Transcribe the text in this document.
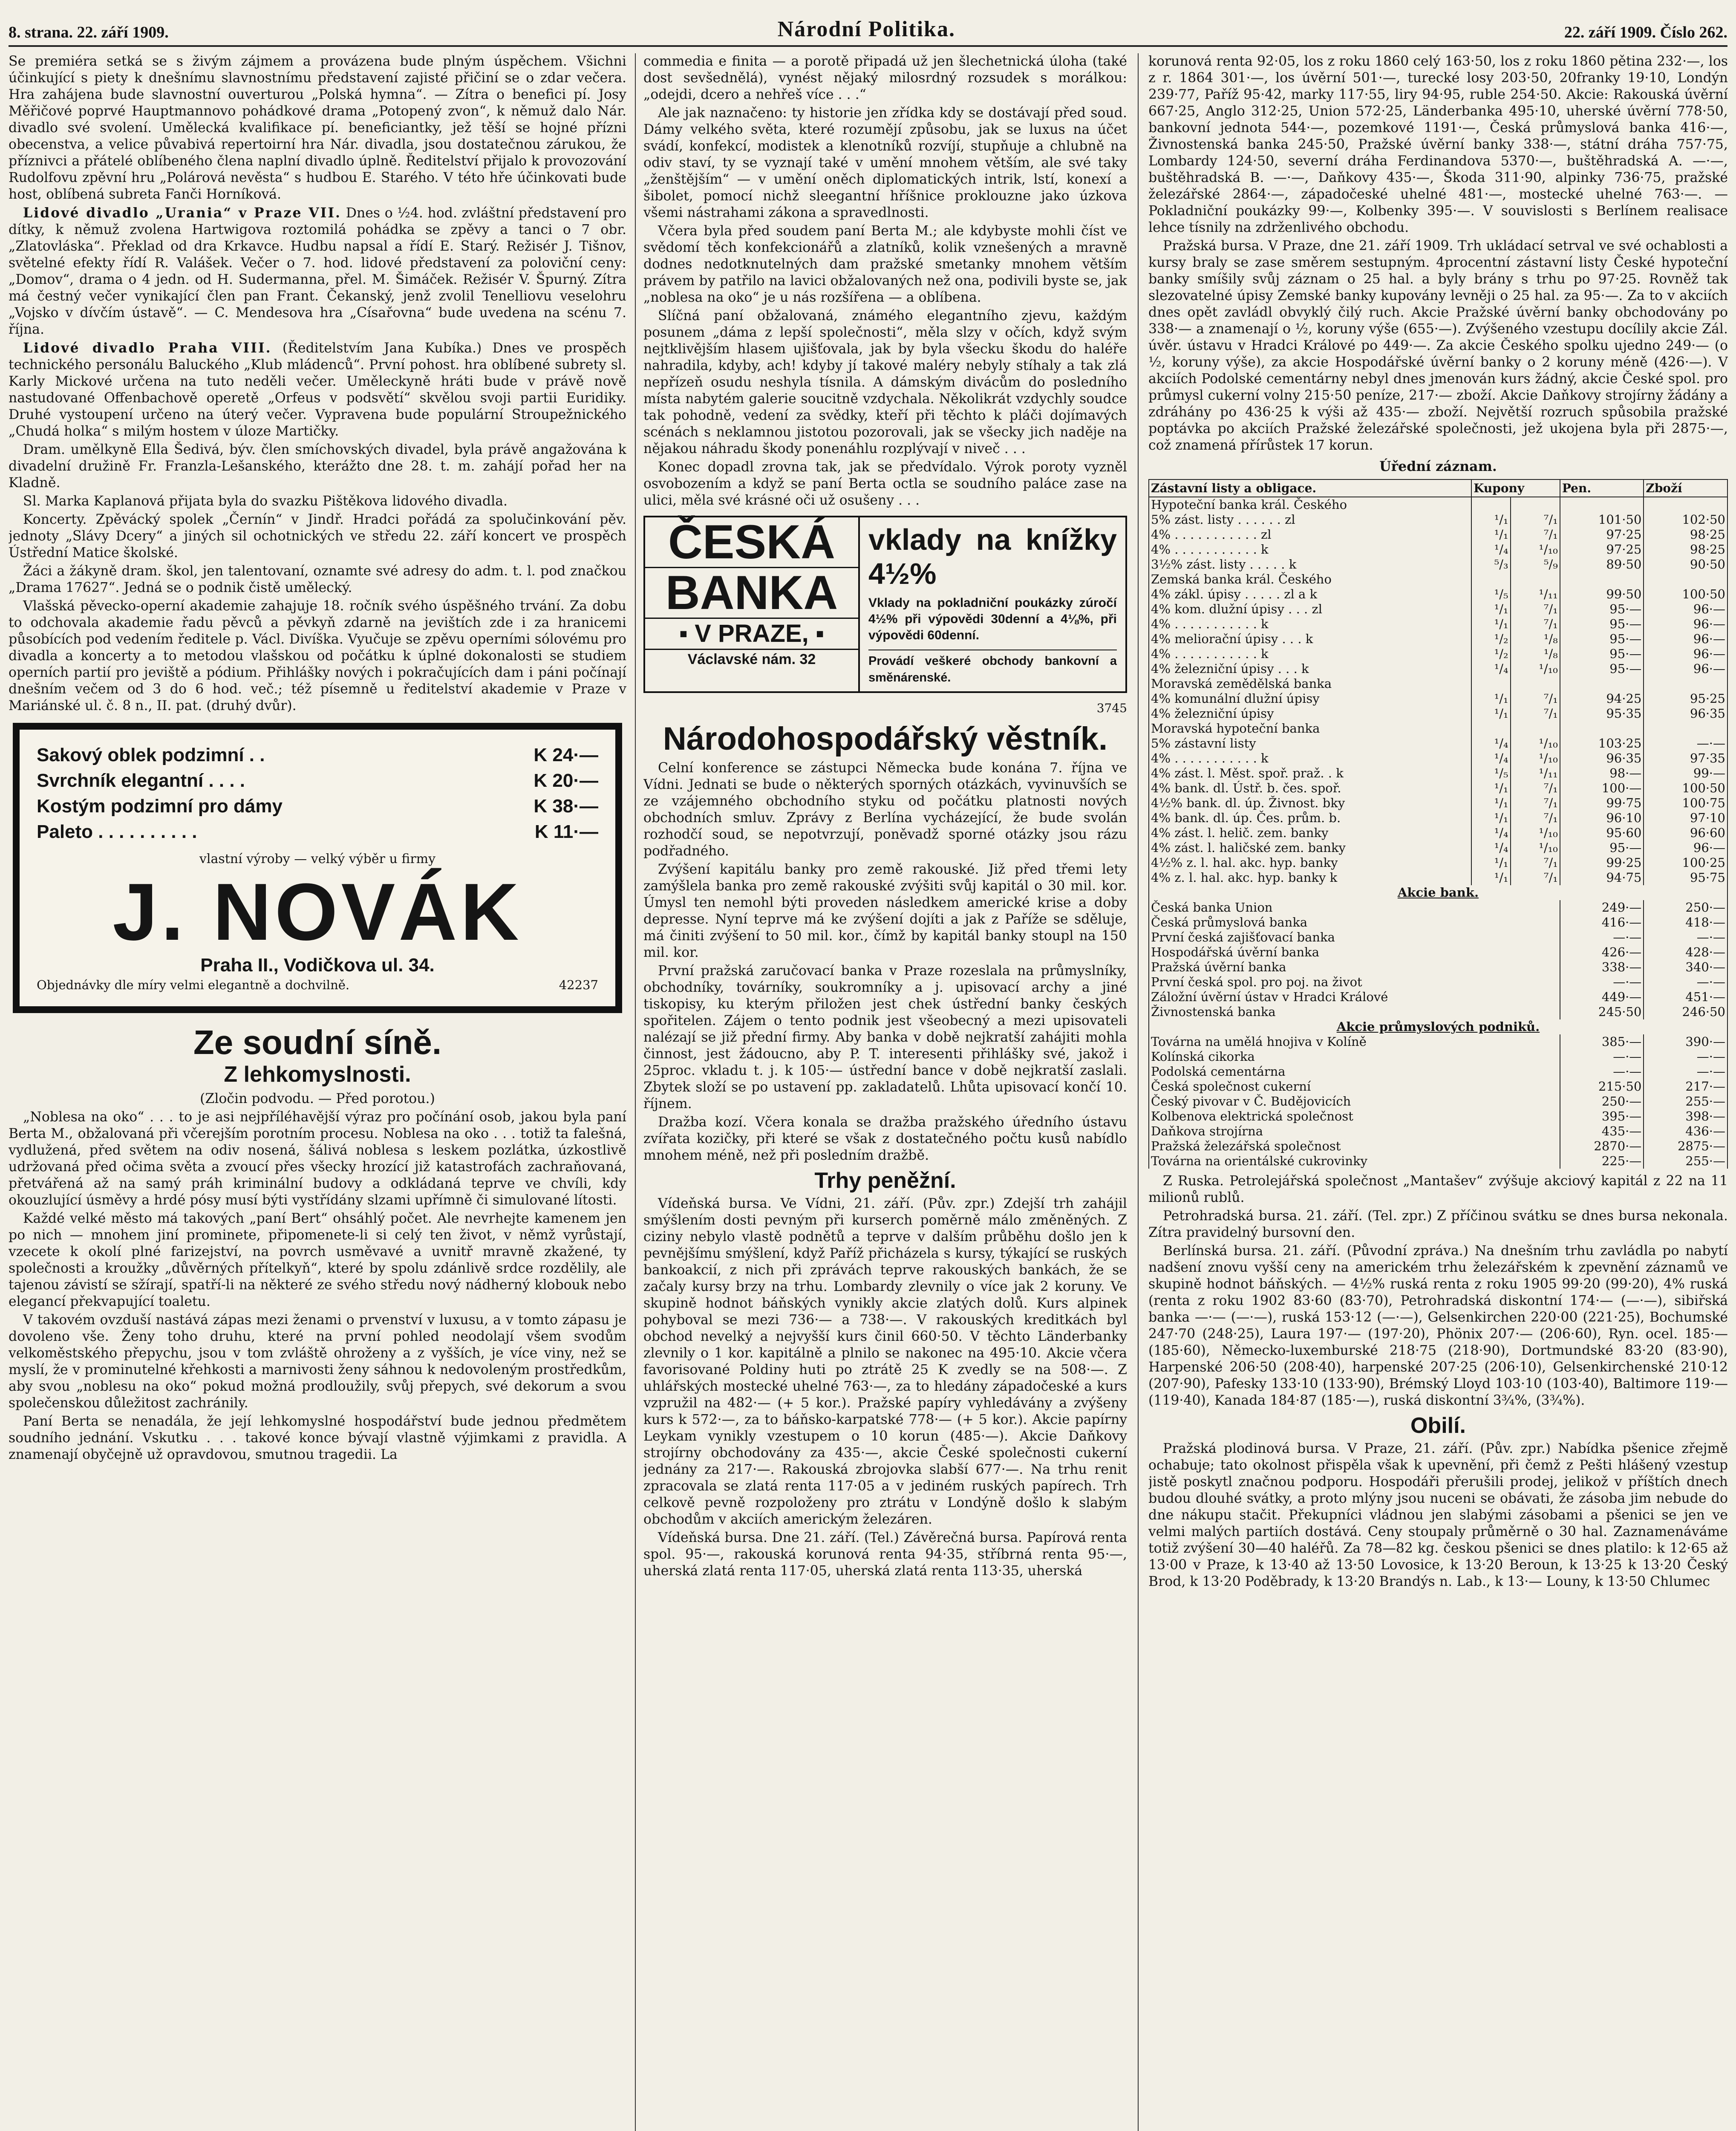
8. strana. 22. září 1909.	Národní Politika.	22. září 1909. Číslo 262.

Se premiéra setká se s živým zájmem a provázena bude plným úspěchem. Všichni účinkující s piety k dnešnímu slavnostnímu představení zajisté přičiní se o zdar večera. Hra zahájena bude slavnostní ouverturou „Polská hymna“. — Zítra o benefici pí. Josy Měřičové poprvé Hauptmannovo pohádkové drama „Potopený zvon“, k němuž dalo Nár. divadlo své svolení. Umělecká kvalifikace pí. beneficiantky, jež těší se hojné přízni obecenstva, a velice půvabivá repertoirní hra Nár. divadla, jsou dostatečnou zárukou, že příznivci a přátelé oblíbeného člena naplní divadlo úplně. Ředitelství přijalo k provozování Rudolfovu zpěvní hru „Polárová nevěsta“ s hudbou E. Starého. V této hře účinkovati bude host, oblíbená subreta Fanči Horníková.

Lidové divadlo „Urania“ v Praze VII. Dnes o ½4. hod. zvláštní představení pro dítky, k němuž zvolena Hartwigova roztomilá pohádka se zpěvy a tanci o 7 obr. „Zlatovláska“. Překlad od dra Krkavce. Hudbu napsal a řídí E. Starý. Režisér J. Tišnov, světelné efekty řídí R. Valášek. Večer o 7. hod. lidové představení za poloviční ceny: „Domov“, drama o 4 jedn. od H. Sudermanna, přel. M. Šimáček. Režisér V. Špurný. Zítra má čestný večer vynikající člen pan Frant. Čekanský, jenž zvolil Tenelliovu veselohru „Vojsko v dívčím ústavě“. — C. Mendesova hra „Císařovna“ bude uvedena na scénu 7. října.

Lidové divadlo Praha VIII. (Ředitelstvím Jana Kubíka.) Dnes ve prospěch technického personálu Baluckého „Klub mládenců“. První pohost. hra oblíbené subrety sl. Karly Mickové určena na tuto neděli večer. Uměleckyně hráti bude v právě nově nastudované Offenbachově operetě „Orfeus v podsvětí“ skvělou svoji partii Euridiky. Druhé vystoupení určeno na úterý večer. Vypravena bude populární Stroupežnického „Chudá holka“ s milým hostem v úloze Martičky.

Dram. umělkyně Ella Šedivá, býv. člen smíchovských divadel, byla právě angažována k divadelní družině Fr. Franzla-Lešanského, kterážto dne 28. t. m. zahájí pořad her na Kladně.

Sl. Marka Kaplanová přijata byla do svazku Pištěkova lidového divadla.

Koncerty. Zpěvácký spolek „Černín“ v Jindř. Hradci pořádá za spolučinkování pěv. jednoty „Slávy Dcery“ a jiných sil ochotnických ve středu 22. září koncert ve prospěch Ústřední Matice školské.

Žáci a žákyně dram. škol, jen talentovaní, oznamte své adresy do adm. t. l. pod značkou „Drama 17627“. Jedná se o podnik čistě umělecký.

Vlašská pěvecko-operní akademie zahajuje 18. ročník svého úspěšného trvání. Za dobu to odchovala akademie řadu pěvců a pěvkyň zdarně na jevištích zde i za hranicemi působících pod vedením ředitele p. Václ. Divíška. Vyučuje se zpěvu operními sólovému pro divadla a koncerty a to metodou vlašskou od počátku k úplné dokonalosti se studiem operních partií pro jeviště a pódium. Přihlášky nových i pokračujících dam i páni počínají dnešním večem od 3 do 6 hod. več.; též písemně u ředitelství akademie v Praze v Mariánské ul. č. 8 n., II. pat. (druhý dvůr).

Sakový oblek podzimní . .	K 24·—
Svrchník elegantní . . . .	K 20·—
Kostým podzimní pro dámy	K 38·—
Paleto . . . . . . . . . .	K 11·—
vlastní výroby — velký výběr u firmy
J. NOVÁK
Praha II., Vodičkova ul. 34.
Objednávky dle míry velmi elegantně a dochvilně.	42237
Ze soudní síně.
Z lehkomyslnosti.

(Zločin podvodu. — Před porotou.)

„Noblesa na oko“ . . . to je asi nejpříléhavější výraz pro počínání osob, jakou byla paní Berta M., obžalovaná při včerejším porotním procesu. Noblesa na oko . . . totiž ta falešná, vydlužená, před světem na odiv nosená, šálivá noblesa s leskem pozlátka, úzkostlivě udržovaná před očima světa a zvoucí přes všecky hrozící již katastrofách zachraňovaná, přetvářená až na samý práh kriminální budovy a odkládaná teprve ve chvíli, kdy okouzlující úsměvy a hrdé pósy musí býti vystřídány slzami upřímně či simulované lítosti.

Každé velké město má takových „paní Bert“ ohsáhlý počet. Ale nevrhejte kamenem jen po nich — mnohem jiní prominete, připomenete-li si celý ten život, v němž vyrůstají, vzecete k okolí plné farizejství, na povrch usměvavé a uvnitř mravně zkažené, ty společnosti a kroužky „důvěrných přítelkyň“, které by spolu zdánlivě srdce rozdělily, ale tajenou závistí se sžírají, spatří-li na některé ze svého středu nový nádherný klobouk nebo elegancí překvapující toaletu.

V takovém ovzduší nastává zápas mezi ženami o prvenství v luxusu, a v tomto zápasu je dovoleno vše. Ženy toho druhu, které na první pohled neodolají všem svodům velkoměstského přepychu, jsou v tom zvláště ohroženy a z vyšších, je více viny, než se myslí, že v prominutelné křehkosti a marnivosti ženy sáhnou k nedovoleným prostředkům, aby svou „noblesu na oko“ pokud možná prodloužily, svůj přepych, své dekorum a svou společenskou důležitost zachránily.

Paní Berta se nenadála, že její lehkomyslné hospodářství bude jednou předmětem soudního jednání. Vskutku . . . takové konce bývají vlastně výjimkami z pravidla. A znamenají obyčejně už opravdovou, smutnou tragedii. La

commedia e finita — a porotě připadá už jen šlechetnická úloha (také dost sevšednělá), vynést nějaký milosrdný rozsudek s morálkou: „odejdi, dcero a nehřeš více . . .“

Ale jak naznačeno: ty historie jen zřídka kdy se dostávají před soud. Dámy velkého světa, které rozumějí způsobu, jak se luxus na účet svádí, konfekcí, modistek a klenotníků rozvíjí, stupňuje a chlubně na odiv staví, ty se vyznají také v umění mnohem větším, ale své taky „ženštějším“ — v umění oněch diplomatických intrik, lstí, konexí a šibolet, pomocí nichž sleegantní hříšnice proklouzne jako úzkova všemi nástrahami zákona a spravedlnosti.

Včera byla před soudem paní Berta M.; ale kdybyste mohli číst ve svědomí těch konfekcionářů a zlatníků, kolik vznešených a mravně dodnes nedotknutelných dam pražské smetanky mnohem větším právem by patřilo na lavici obžalovaných než ona, podivili byste se, jak „noblesa na oko“ je u nás rozšířena — a oblíbena.

Slíčná paní obžalovaná, známého elegantního zjevu, každým posunem „dáma z lepší společnosti“, měla slzy v očích, když svým nejtklivějším hlasem ujišťovala, jak by byla všecku škodu do haléře nahradila, kdyby, ach! kdyby jí takové maléry nebyly stíhaly a tak zlá nepřízeň osudu neshyla tísnila. A dámským divácům do posledního místa nabytém galerie soucitně vzdychala. Několikrát vzdychly soudce tak pohodně, vedení za svědky, kteří při těchto k pláči dojímavých scénách s neklamnou jistotou pozorovali, jak se všecky jich naděje na nějakou náhradu škody ponenáhlu rozplývají v niveč . . .

Konec dopadl zrovna tak, jak se předvídalo. Výrok poroty vyzněl osvobozením a když se paní Berta octla se soudního paláce zase na ulici, měla své krásné oči už osušeny . . .

ČESKÁ
BANKA
▪ V PRAZE, ▪
Václavské nám. 32
vklady na knížky 4½%
Vklady na pokladniční poukázky zúročí 4½% při výpovědi 30denní a 4⅛%, při výpovědi 60denní.
Provádí veškeré obchody bankovní a směnárenské.
3745
Národohospodářský věstník.

Celní konference se zástupci Německa bude konána 7. října ve Vídni. Jednati se bude o některých sporných otázkách, vyvinuvších se ze vzájemného obchodního styku od počátku platnosti nových obchodních smluv. Zprávy z Berlína vycházející, že bude svolán rozhodčí soud, se nepotvrzují, poněvadž sporné otázky jsou rázu podřadného.

Zvýšení kapitálu banky pro země rakouské. Již před třemi lety zamýšlela banka pro země rakouské zvýšiti svůj kapitál o 30 mil. kor. Úmysl ten nemohl býti proveden následkem americké krise a doby depresse. Nyní teprve má ke zvýšení dojíti a jak z Paříže se sděluje, má činiti zvýšení to 50 mil. kor., čímž by kapitál banky stoupl na 150 mil. kor.

První pražská zaručovací banka v Praze rozeslala na průmyslníky, obchodníky, továrníky, soukromníky a j. upisovací archy a jiné tiskopisy, ku kterým přiložen jest chek ústřední banky českých spořitelen. Zájem o tento podnik jest všeobecný a mezi upisovateli nalézají se již přední firmy. Aby banka v době nejkratší zahájiti mohla činnost, jest žádoucno, aby P. T. interesenti přihlášky své, jakož i 25proc. vkladu t. j. k 105·— ústřední bance v době nejkratší zaslali. Zbytek složí se po ustavení pp. zakladatelů. Lhůta upisovací končí 10. říjnem.

Dražba kozí. Včera konala se dražba pražského úředního ústavu zvířata kozičky, při které se však z dostatečného počtu kusů nabídlo mnohem méně, než při posledním dražbě.

Trhy peněžní.

Vídeňská bursa. Ve Vídni, 21. září. (Pův. zpr.) Zdejší trh zahájil smýšlením dosti pevným při kurserch poměrně málo změněných. Z ciziny nebylo vlastě podnětů a teprve v dalším průběhu došlo jen k pevnějšímu smýšlení, když Paříž přicházela s kursy, týkající se ruských bankoakcií, z nich při zprávách teprve rakouských bankách, že se začaly kursy brzy na trhu. Lombardy zlevnily o více jak 2 koruny. Ve skupině hodnot báňských vynikly akcie zlatých dolů. Kurs alpinek pohyboval se mezi 736·— a 738·—. V rakouských kreditkách byl obchod nevelký a nejvyšší kurs činil 660·50. V těchto Länderbanky zlevnily o 1 kor. kapitálně a plnilo se nakonec na 495·10. Akcie včera favorisované Poldiny huti po ztrátě 25 K zvedly se na 508·—. Z uhlářských mostecké uhelné 763·—, za to hledány západočeské a kurs vzpružil na 482·— (+ 5 kor.). Pražské papíry vyhledávány a zvýšeny kurs k 572·—, za to báňsko-karpatské 778·— (+ 5 kor.). Akcie papírny Leykam vynikly vzestupem o 10 korun (485·—). Akcie Daňkovy strojírny obchodovány za 435·—, akcie České společnosti cukerní jednány za 217·—. Rakouská zbrojovka slabší 677·—. Na trhu renit zpracovala se zlatá renta 117·05 a v jediném ruských papírech. Trh celkově pevně rozpoloženy pro ztrátu v Londýně došlo k slabým obchodům v akciích americkým železáren.

Vídeňská bursa. Dne 21. září. (Tel.) Závěrečná bursa. Papírová renta spol. 95·—, rakouská korunová renta 94·35, stříbrná renta 95·—, uherská zlatá renta 117·05, uherská zlatá renta 113·35, uherská

korunová renta 92·05, los z roku 1860 celý 163·50, los z roku 1860 pětina 232·—, los z r. 1864 301·—, los úvěrní 501·—, turecké losy 203·50, 20franky 19·10, Londýn 239·77, Paříž 95·42, marky 117·55, liry 94·95, ruble 254·50. Akcie: Rakouská úvěrní 667·25, Anglo 312·25, Union 572·25, Länderbanka 495·10, uherské úvěrní 778·50, bankovní jednota 544·—, pozemkové 1191·—, Česká průmyslová banka 416·—, Živnostenská banka 245·50, Pražské úvěrní banky 338·—, státní dráha 757·75, Lombardy 124·50, severní dráha Ferdinandova 5370·—, buštěhradská A. —·—, buštěhradská B. —·—, Daňkovy 435·—, Škoda 311·90, alpinky 736·75, pražské železářské 2864·—, západočeské uhelné 481·—, mostecké uhelné 763·—. — Pokladniční poukázky 99·—, Kolbenky 395·—. V souvislosti s Berlínem realisace lehce tísnily na zdrženlivého obchodu.

Pražská bursa. V Praze, dne 21. září 1909. Trh ukládací setrval ve své ochablosti a kursy braly se zase směrem sestupným. 4procentní zástavní listy České hypoteční banky smíšily svůj záznam o 25 hal. a byly brány s trhu po 97·25. Rovněž tak slezovatelné úpisy Zemské banky kupovány levněji o 25 hal. za 95·—. Za to v akciích dnes opět zavládl obvyklý čilý ruch. Akcie Pražské úvěrní banky obchodovány po 338·— a znamenají o ½, koruny výše (655·—). Zvýšeného vzestupu docílily akcie Zál. úvěr. ústavu v Hradci Králové po 449·—. Za akcie Českého spolku ujedno 249·— (o ½, koruny výše), za akcie Hospodářské úvěrní banky o 2 koruny méně (426·—). V akciích Podolské cementárny nebyl dnes jmenován kurs žádný, akcie České spol. pro průmysl cukerní volny 215·50 peníze, 217·— zboží. Akcie Daňkovy strojírny žádány a zdráhány po 436·25 k výši až 435·— zboží. Největší rozruch spůsobila pražské poptávka po akciích Pražské železářské společnosti, jež ukojena byla při 2875·—, což znamená přírůstek 17 korun.

Úřední záznam.
Zástavní listy a obligace.	Kupony		Pen.	Zboží
Hypoteční banka král. Českého				
5% zást. listy . . . . . . zl	¹/₁	⁷/₁	101·50	102·50
4% . . . . . . . . . . . zl	¹/₁	⁷/₁	97·25	98·25
4% . . . . . . . . . . . k	¹/₄	¹/₁₀	97·25	98·25
3½% zást. listy . . . . . k	⁵/₃	⁵/₉	89·50	90·50
Zemská banka král. Českého				
4% zákl. úpisy . . . . . zl a k	¹/₅	¹/₁₁	99·50	100·50
4% kom. dlužní úpisy . . . zl	¹/₁	⁷/₁	95·—	96·—
4% . . . . . . . . . . . k	¹/₁	⁷/₁	95·—	96·—
4% meliorační úpisy . . . k	¹/₂	¹/₈	95·—	96·—
4% . . . . . . . . . . . k	¹/₂	¹/₈	95·—	96·—
4% železniční úpisy . . . k	¹/₄	¹/₁₀	95·—	96·—
Moravská zemědělská banka				
4% komunální dlužní úpisy	¹/₁	⁷/₁	94·25	95·25
4% železniční úpisy	¹/₁	⁷/₁	95·35	96·35
Moravská hypoteční banka				
5% zástavní listy	¹/₄	¹/₁₀	103·25	—·—
4% . . . . . . . . . . . k	¹/₄	¹/₁₀	96·35	97·35
4% zást. l. Měst. spoř. praž. . k	¹/₅	¹/₁₁	98·—	99·—
4% bank. dl. Ústř. b. čes. spoř.	¹/₁	⁷/₁	100·—	100·50
4½% bank. dl. úp. Živnost. bky	¹/₁	⁷/₁	99·75	100·75
4% bank. dl. úp. Čes. prům. b.	¹/₁	⁷/₁	96·10	97·10
4% zást. l. helič. zem. banky	¹/₄	¹/₁₀	95·60	96·60
4% zást. l. haličské zem. banky	¹/₄	¹/₁₀	95·—	96·—
4½% z. l. hal. akc. hyp. banky	¹/₁	⁷/₁	99·25	100·25
4% z. l. hal. akc. hyp. banky k	¹/₁	⁷/₁	94·75	95·75
Akcie bank.				
Česká banka Union			249·—	250·—
Česká průmyslová banka			416·—	418·—
První česká zajišťovací banka			—·—	—·—
Hospodářská úvěrní banka			426·—	428·—
Pražská úvěrní banka			338·—	340·—
První česká spol. pro poj. na život			—·—	—·—
Záložní úvěrní ústav v Hradci Králové			449·—	451·—
Živnostenská banka			245·50	246·50
Akcie průmyslových podniků.				
Továrna na umělá hnojiva v Kolíně			385·—	390·—
Kolínská cikorka			—·—	—·—
Podolská cementárna			—·—	—·—
Česká společnost cukerní			215·50	217·—
Český pivovar v Č. Budějovicích			250·—	255·—
Kolbenova elektrická společnost			395·—	398·—
Daňkova strojírna			435·—	436·—
Pražská železářská společnost			2870·—	2875·—
Továrna na orientálské cukrovinky			225·—	255·—

Z Ruska. Petrolejářská společnost „Mantašev“ zvýšuje akciový kapitál z 22 na 11 milionů rublů.

Petrohradská bursa. 21. září. (Tel. zpr.) Z příčinou svátku se dnes bursa nekonala. Zítra pravidelný bursovní den.

Berlínská bursa. 21. září. (Původní zpráva.) Na dnešním trhu zavládla po nabytí nadšení znovu vyšší ceny na americkém trhu železářském k zpevnění záznamů ve skupině hodnot báňských. — 4½% ruská renta z roku 1905 99·20 (99·20), 4% ruská (renta z roku 1902 83·60 (83·70), Petrohradská diskontní 174·— (—·—), sibiřská banka —·— (—·—), ruská 153·12 (—·—), Gelsenkirchen 220·00 (221·25), Bochumské 247·70 (248·25), Laura 197·— (197·20), Phönix 207·— (206·60), Ryn. ocel. 185·— (185·60), Německo-luxemburské 218·75 (218·90), Dortmundské 83·20 (83·90), Harpenské 206·50 (208·40), harpenské 207·25 (206·10), Gelsenkirchenské 210·12 (207·90), Pafesky 133·10 (133·90), Brémský Lloyd 103·10 (103·40), Baltimore 119·— (119·40), Kanada 184·87 (185·—), ruská diskontní 3¾%, (3¾%).

Obilí.

Pražská plodinová bursa. V Praze, 21. září. (Pův. zpr.) Nabídka pšenice zřejmě ochabuje; tato okolnost přispěla však k upevnění, při čemž z Pešti hlášený vzestup jistě poskytl značnou podporu. Hospodáři přerušili prodej, jelikož v příštích dnech budou dlouhé svátky, a proto mlýny jsou nuceni se obávati, že zásoba jim nebude do dne nákupu stačit. Překupníci vládnou jen slabými zásobami a pšenici se jen ve velmi malých partiích dostává. Ceny stoupaly průměrně o 30 hal. Zaznamenáváme totiž zvýšení 30—40 haléřů. Za 78—82 kg. českou pšenici se dnes platilo: k 12·65 až 13·00 v Praze, k 13·40 až 13·50 Lovosice, k 13·20 Beroun, k 13·25 k 13·20 Český Brod, k 13·20 Poděbrady, k 13·20 Brandýs n. Lab., k 13·— Louny, k 13·50 Chlumec
